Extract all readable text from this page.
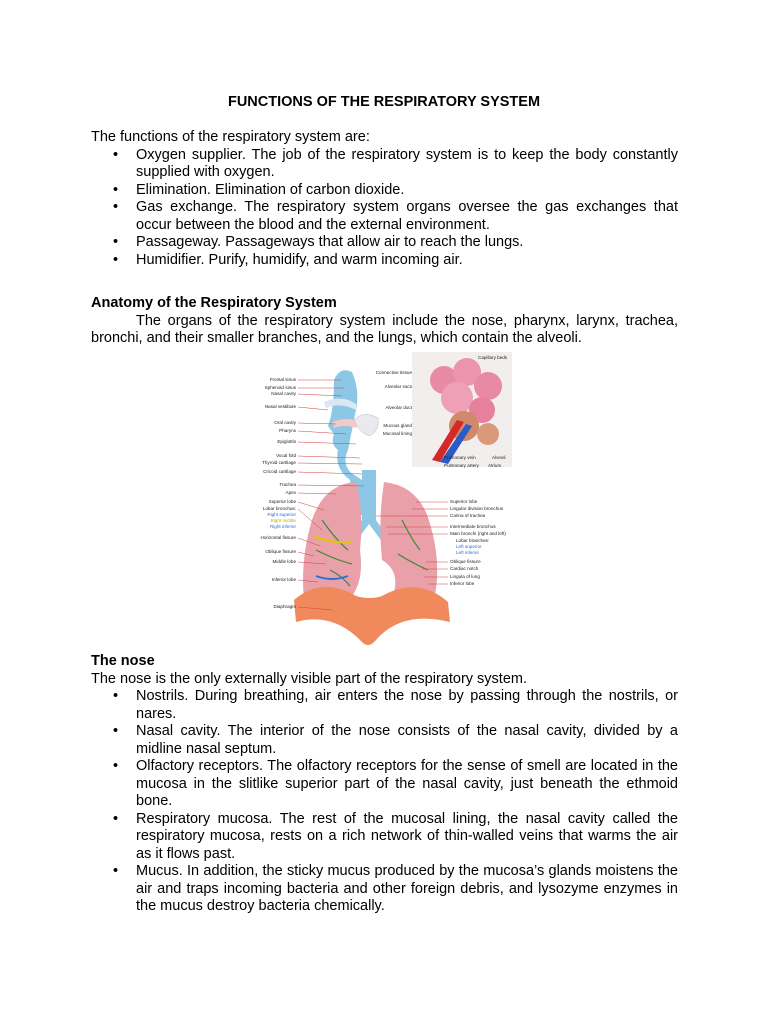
FUNCTIONS OF THE RESPIRATORY SYSTEM
The functions of the respiratory system are:
• Oxygen supplier. The job of the respiratory system is to keep the body constantly supplied with oxygen.
• Elimination. Elimination of carbon dioxide.
• Gas exchange. The respiratory system organs oversee the gas exchanges that occur between the blood and the external environment.
• Passageway. Passageways that allow air to reach the lungs.
• Humidifier. Purify, humidify, and warm incoming air.
Anatomy of the Respiratory System
The organs of the respiratory system include the nose, pharynx, larynx, trachea, bronchi, and their smaller branches, and the lungs, which contain the alveoli.
Frontal sinus
Sphenoid sinus
Nasal cavity
Nasal vestibule
Oral cavity
Pharynx
Epiglottis
Vocal fold
Thyroid cartilage
Cricoid cartilage
Trachea
Apex
Superior lobe
Lobar bronchus:
Right superior
Right middle
Right inferior
Horizontal fissure
Oblique fissure
Middle lobe
Inferior lobe
Diaphragm
Connective tissue
Alveolar sacs
Alveolar duct
Mucous gland
Mucosal lining
Capillary beds
Pulmonary vein
Pulmonary artery
Alveoli
Atrium
Superior lobe
Lingular division bronchus
Carina of trachea
Intermediate bronchus
Main bronchi (right and left)
Lobar branches:
Left superior
Left inferior
Oblique fissure
Cardiac notch
Lingula of lung
Inferior lobe
The nose
The nose is the only externally visible part of the respiratory system.
• Nostrils. During breathing, air enters the nose by passing through the nostrils, or nares.
• Nasal cavity. The interior of the nose consists of the nasal cavity, divided by a midline nasal septum.
• Olfactory receptors. The olfactory receptors for the sense of smell are located in the mucosa in the slitlike superior part of the nasal cavity, just beneath the ethmoid bone.
• Respiratory mucosa. The rest of the mucosal lining, the nasal cavity called the respiratory mucosa, rests on a rich network of thin-walled veins that warms the air as it flows past.
• Mucus. In addition, the sticky mucus produced by the mucosa’s glands moistens the air and traps incoming bacteria and other foreign debris, and lysozyme enzymes in the mucus destroy bacteria chemically.
